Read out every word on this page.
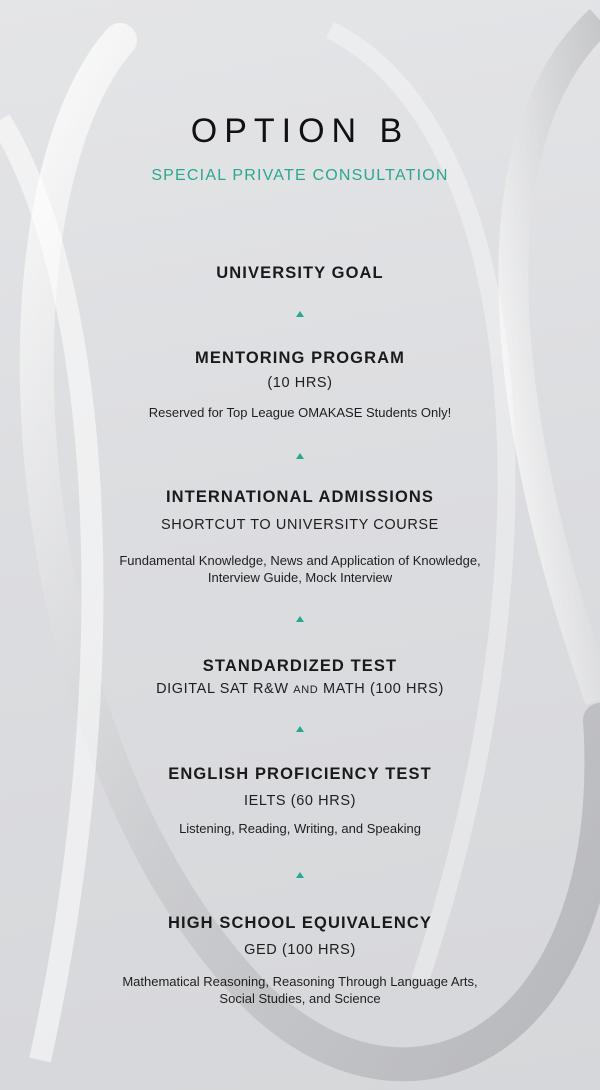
OPTION B
SPECIAL PRIVATE CONSULTATION
UNIVERSITY GOAL
MENTORING PROGRAM
(10 HRS)
Reserved for Top League OMAKASE Students Only!
INTERNATIONAL ADMISSIONS
SHORTCUT TO UNIVERSITY COURSE
Fundamental Knowledge, News and Application of Knowledge,
Interview Guide, Mock Interview
STANDARDIZED TEST
DIGITAL SAT R&W AND MATH (100 HRS)
ENGLISH PROFICIENCY TEST
IELTS (60 HRS)
Listening, Reading, Writing, and Speaking
HIGH SCHOOL EQUIVALENCY
GED (100 HRS)
Mathematical Reasoning, Reasoning Through Language Arts,
Social Studies, and Science
